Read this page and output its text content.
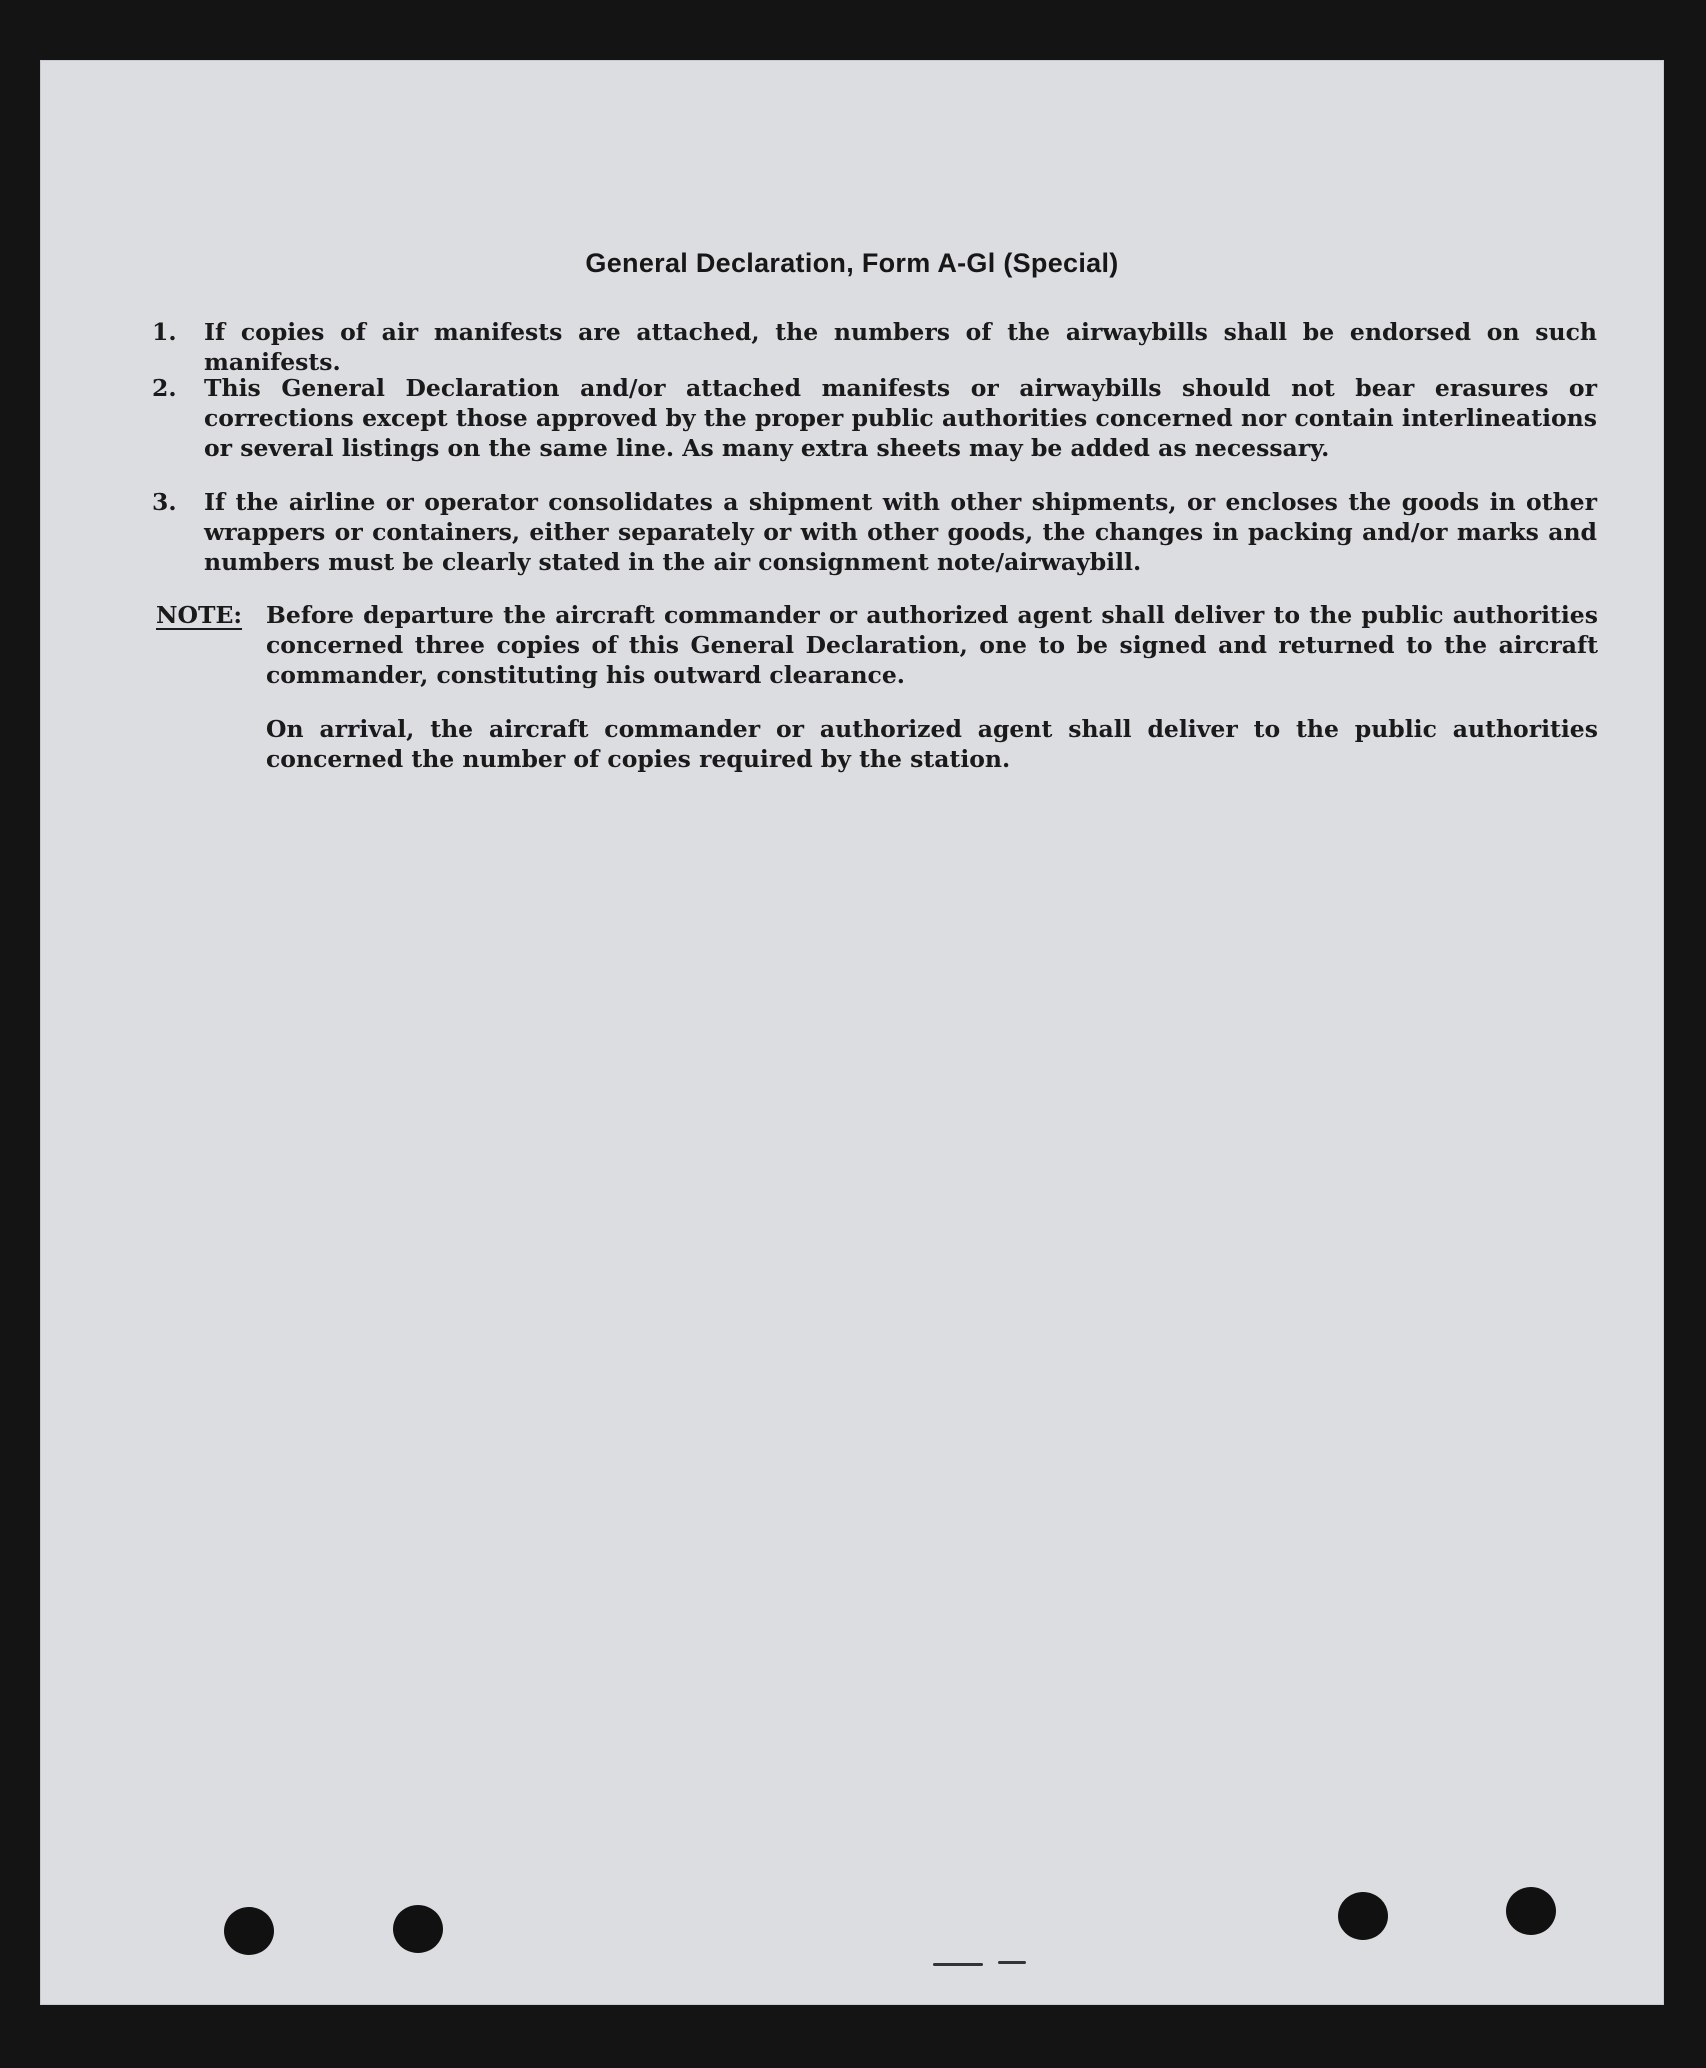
General Declaration, Form A-Gl (Special)
1. If copies of air manifests are attached, the numbers of the airwaybills shall be endorsed on such manifests.
2. This General Declaration and/or attached manifests or airwaybills should not bear erasures or corrections except those approved by the proper public authorities concerned nor contain interlineations or several listings on the same line. As many extra sheets may be added as necessary.
3. If the airline or operator consolidates a shipment with other shipments, or encloses the goods in other wrappers or containers, either separately or with other goods, the changes in packing and/or marks and numbers must be clearly stated in the air consignment note/airwaybill.
NOTE: Before departure the aircraft commander or authorized agent shall deliver to the public authorities concerned three copies of this General Declaration, one to be signed and returned to the aircraft commander, constituting his outward clearance.
On arrival, the aircraft commander or authorized agent shall deliver to the public authorities concerned the number of copies required by the station.
